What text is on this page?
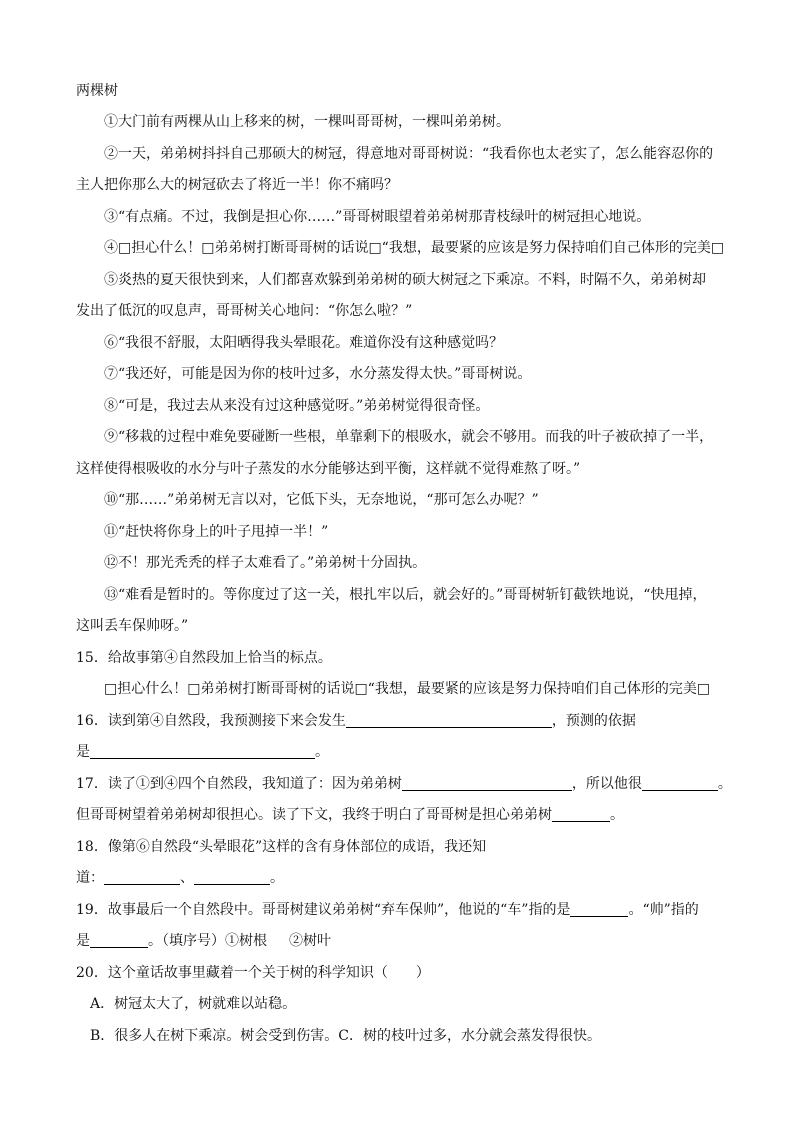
两棵树
①大门前有两棵从山上移来的树，一棵叫哥哥树，一棵叫弟弟树。
②一天，弟弟树抖抖自己那硕大的树冠，得意地对哥哥树说：“我看你也太老实了，怎么能容忍你的
主人把你那么大的树冠砍去了将近一半！你不痛吗？
③“有点痛。不过，我倒是担心你……”哥哥树眼望着弟弟树那青枝绿叶的树冠担心地说。
④□担心什么！□弟弟树打断哥哥树的话说□“我想，最要紧的应该是努力保持咱们自己体形的完美□
⑤炎热的夏天很快到来，人们都喜欢躲到弟弟树的硕大树冠之下乘凉。不料，时隔不久，弟弟树却
发出了低沉的叹息声，哥哥树关心地问：“你怎么啦？”
⑥“我很不舒服，太阳晒得我头晕眼花。难道你没有这种感觉吗？
⑦“我还好，可能是因为你的枝叶过多，水分蒸发得太快。”哥哥树说。
⑧“可是，我过去从来没有过这种感觉呀。”弟弟树觉得很奇怪。
⑨“移栽的过程中难免要碰断一些根，单靠剩下的根吸水，就会不够用。而我的叶子被砍掉了一半，
这样使得根吸收的水分与叶子蒸发的水分能够达到平衡，这样就不觉得难熬了呀。”
⑩“那……”弟弟树无言以对，它低下头，无奈地说，“那可怎么办呢？”
⑪“赶快将你身上的叶子甩掉一半！”
⑫不！那光秃秃的样子太难看了。”弟弟树十分固执。
⑬“难看是暂时的。等你度过了这一关，根扎牢以后，就会好的。”哥哥树斩钉截铁地说，“快甩掉，
这叫丢车保帅呀。”
15．给故事第④自然段加上恰当的标点。
□担心什么！□弟弟树打断哥哥树的话说□“我想，最要紧的应该是努力保持咱们自己体形的完美□
16．读到第④自然段，我预测接下来会发生	，预测的依据
是	。
17．读了①到④四个自然段，我知道了：因为弟弟树	，所以他很	。
但哥哥树望着弟弟树却很担心。读了下文，我终于明白了哥哥树是担心弟弟树	。
18．像第⑥自然段“头晕眼花”这样的含有身体部位的成语，我还知
道：	、	。
19．故事最后一个自然段中。哥哥树建议弟弟树“弃车保帅”，他说的“车”指的是	。“帅”指的
是	。（填序号）①树根 ②树叶
20．这个童话故事里藏着一个关于树的科学知识（　　）
A．树冠太大了，树就难以站稳。
B．很多人在树下乘凉。树会受到伤害。C．树的枝叶过多，水分就会蒸发得很快。
